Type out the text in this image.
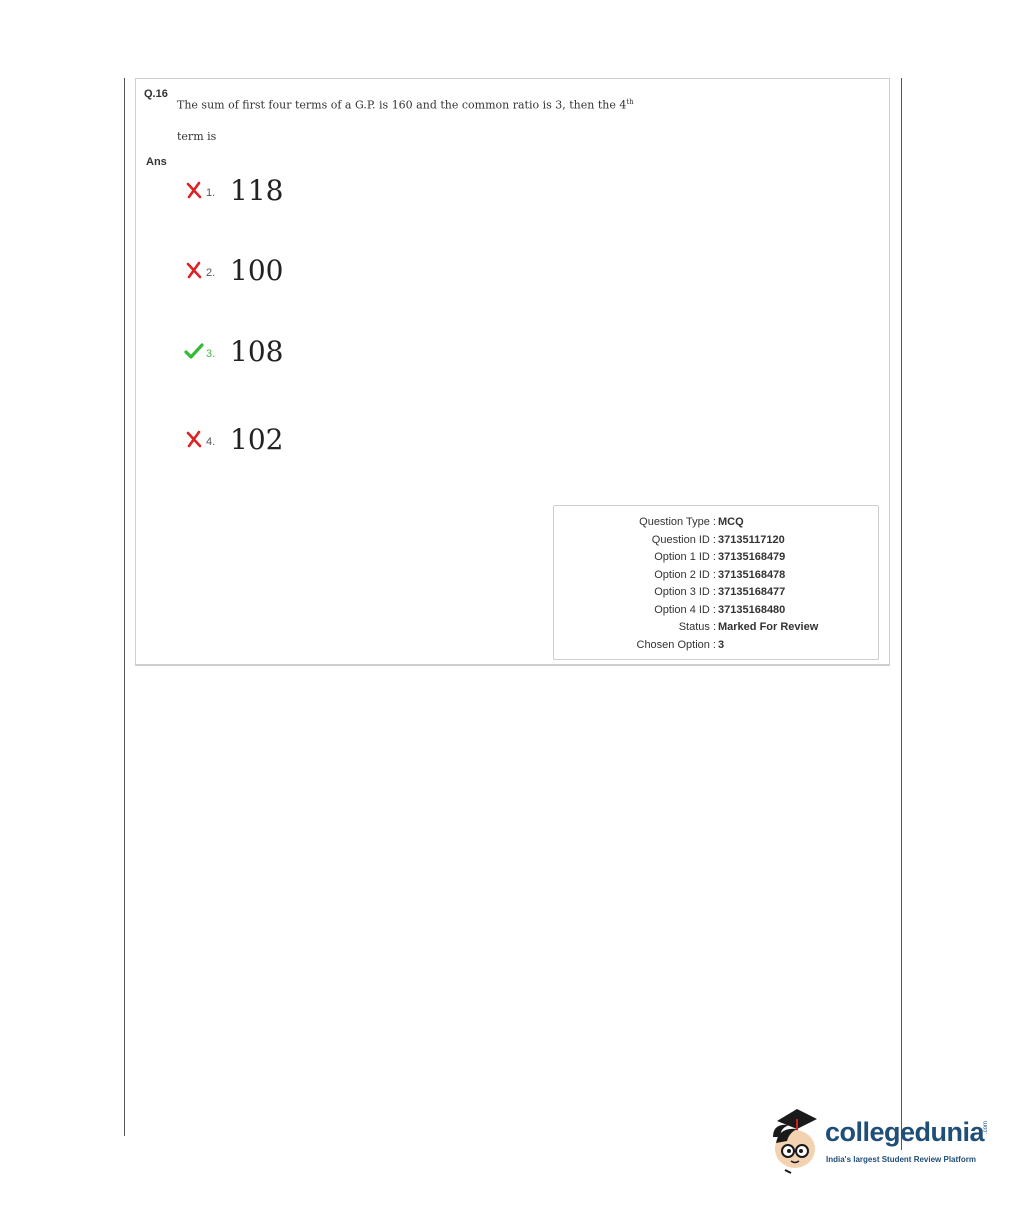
Q.16
The sum of first four terms of a G.P. is 160 and the common ratio is 3, then the 4th
term is
Ans
1. 118
2. 100
3. 108
4. 102
Question Type : MCQ
Question ID : 37135117120
Option 1 ID : 37135168479
Option 2 ID : 37135168478
Option 3 ID : 37135168477
Option 4 ID : 37135168480
Status : Marked For Review
Chosen Option : 3
collegedunia
.com
India's largest Student Review Platform
